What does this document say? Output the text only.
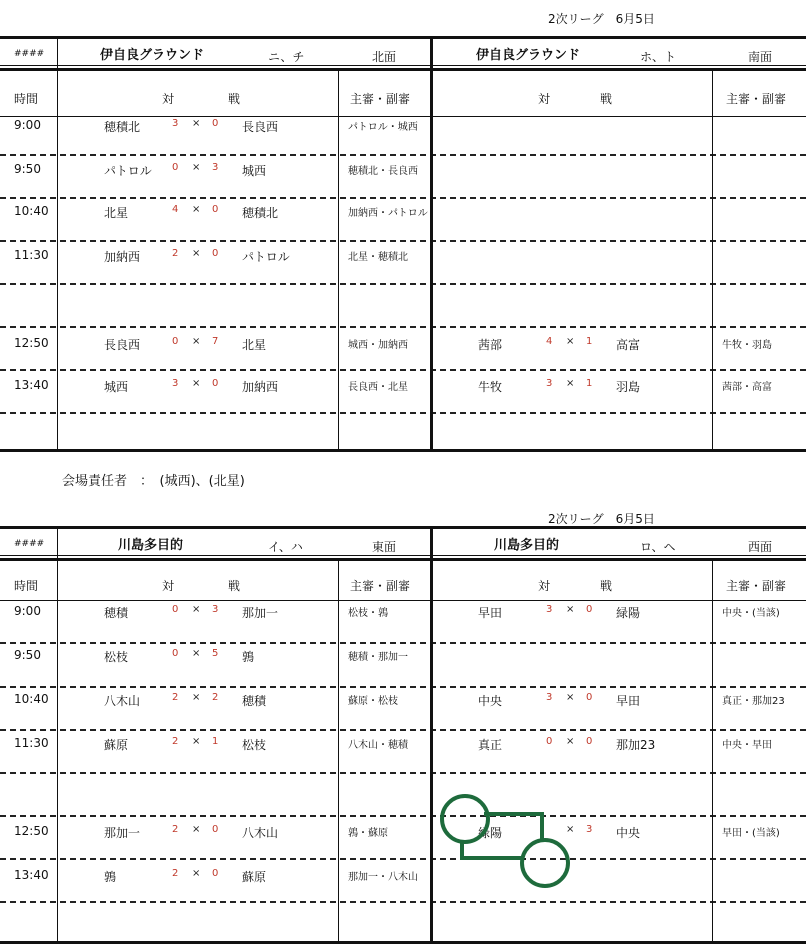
2次リーグ　6月5日
####	伊自良グラウンド	ニ、チ	北面	伊自良グラウンド	ホ、ト	南面
時間	対	戦	主審・副審	対	戦	主審・副審
9:00	穂積北	3 × 0 長良西	パトロル・城西
9:50	パトロル 0 × 3 城西	穂積北・長良西
10:40	北星	4 × 0 穂積北	加納西・パトロル
11:30	加納西	2 × 0 パトロル	北星・穂積北
12:50	長良西	0 × 7 北星	城西・加納西	茜部	4 × 1 高富	牛牧・羽島
13:40	城西	3 × 0 加納西	長良西・北星	牛牧	3 × 1 羽島	茜部・高富
会場責任者　：　(城西)、(北星)
2次リーグ　6月5日
####	川島多目的	イ、ハ	東面	川島多目的	ロ、ヘ	西面
時間	対	戦	主審・副審	対	戦	主審・副審
9:00	穂積	0 × 3 那加一	松枝・鶉	早田	3 × 0 緑陽	中央・(当該)
9:50	松枝	0 × 5 鶉	穂積・那加一
10:40	八木山	2 × 2 穂積	蘇原・松枝	中央	3 × 0 早田	真正・那加23
11:30	蘇原	2 × 1 松枝	八木山・穂積	真正	0 × 0 那加23	中央・早田
12:50	那加一	2 × 0 八木山	鶉・蘇原	緑陽	× 3 中央	早田・(当該)
13:40	鶉	2 × 0 蘇原	那加一・八木山
